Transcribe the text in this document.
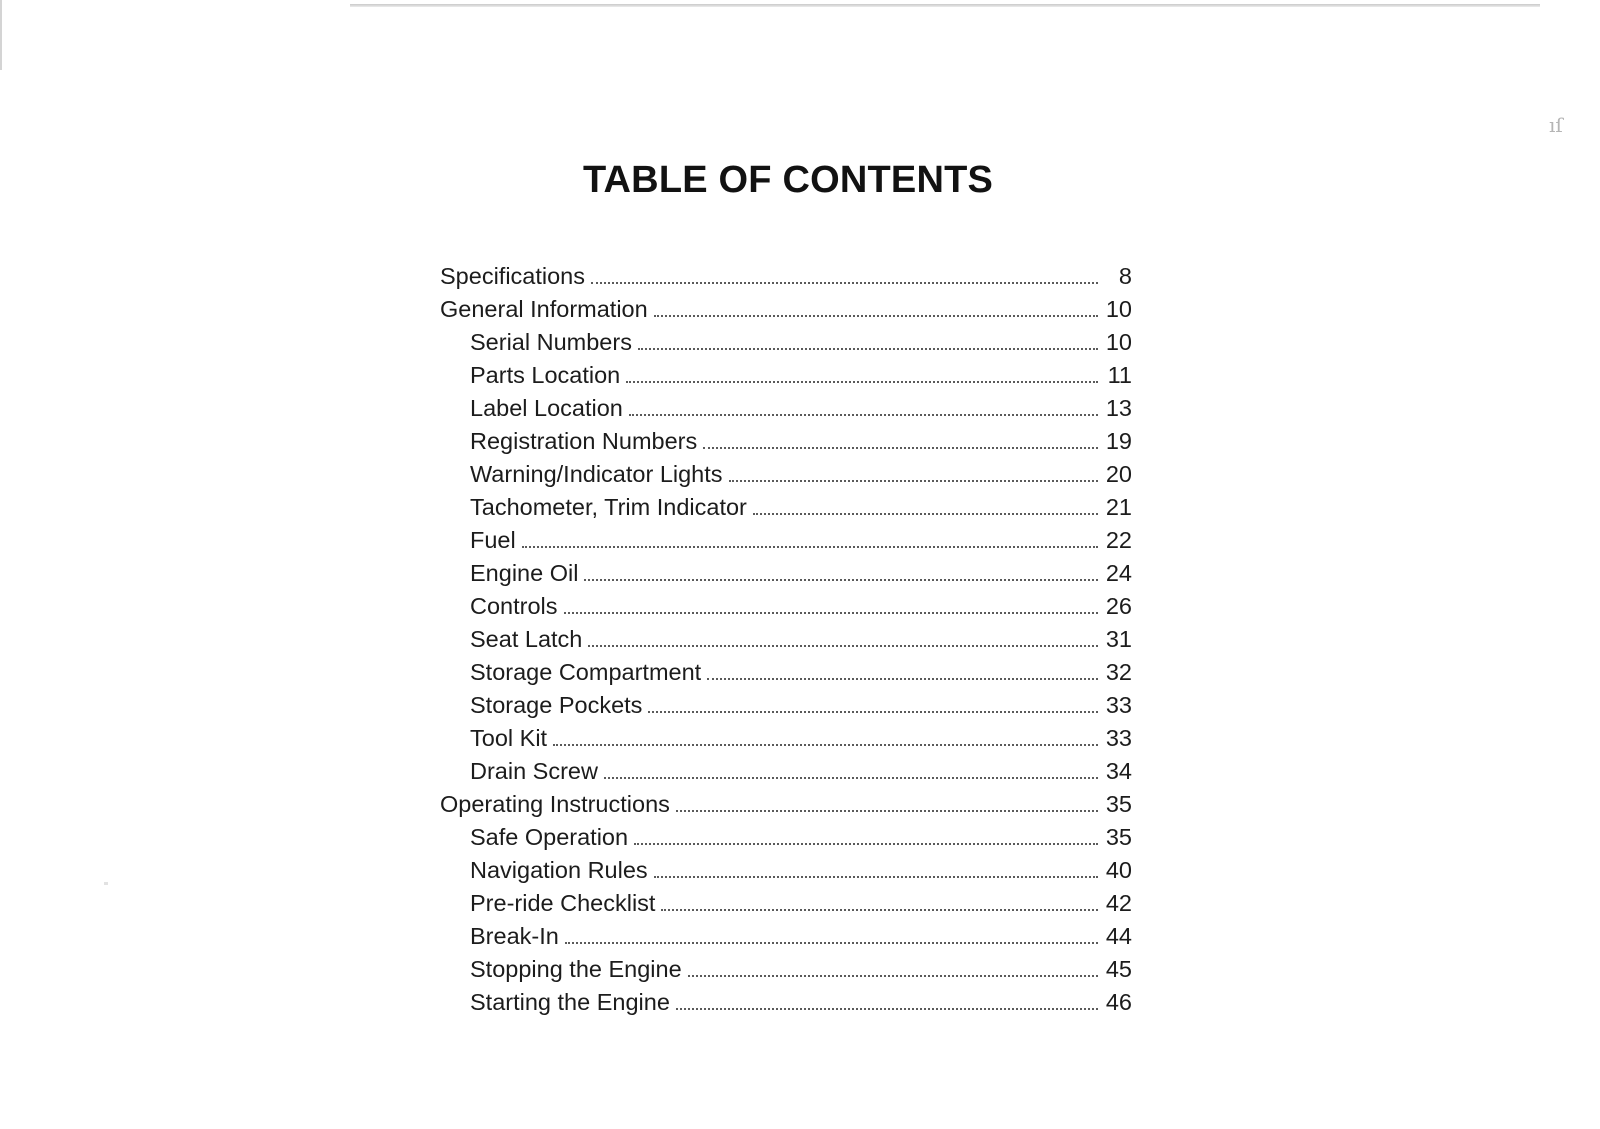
ıſ
TABLE OF CONTENTS
Specifications	8
General Information	10
Serial Numbers	10
Parts Location	11
Label Location	13
Registration Numbers	19
Warning/Indicator Lights	20
Tachometer, Trim Indicator	21
Fuel	22
Engine Oil	24
Controls	26
Seat Latch	31
Storage Compartment	32
Storage Pockets	33
Tool Kit	33
Drain Screw	34
Operating Instructions	35
Safe Operation	35
Navigation Rules	40
Pre-ride Checklist	42
Break-In	44
Stopping the Engine	45
Starting the Engine	46
